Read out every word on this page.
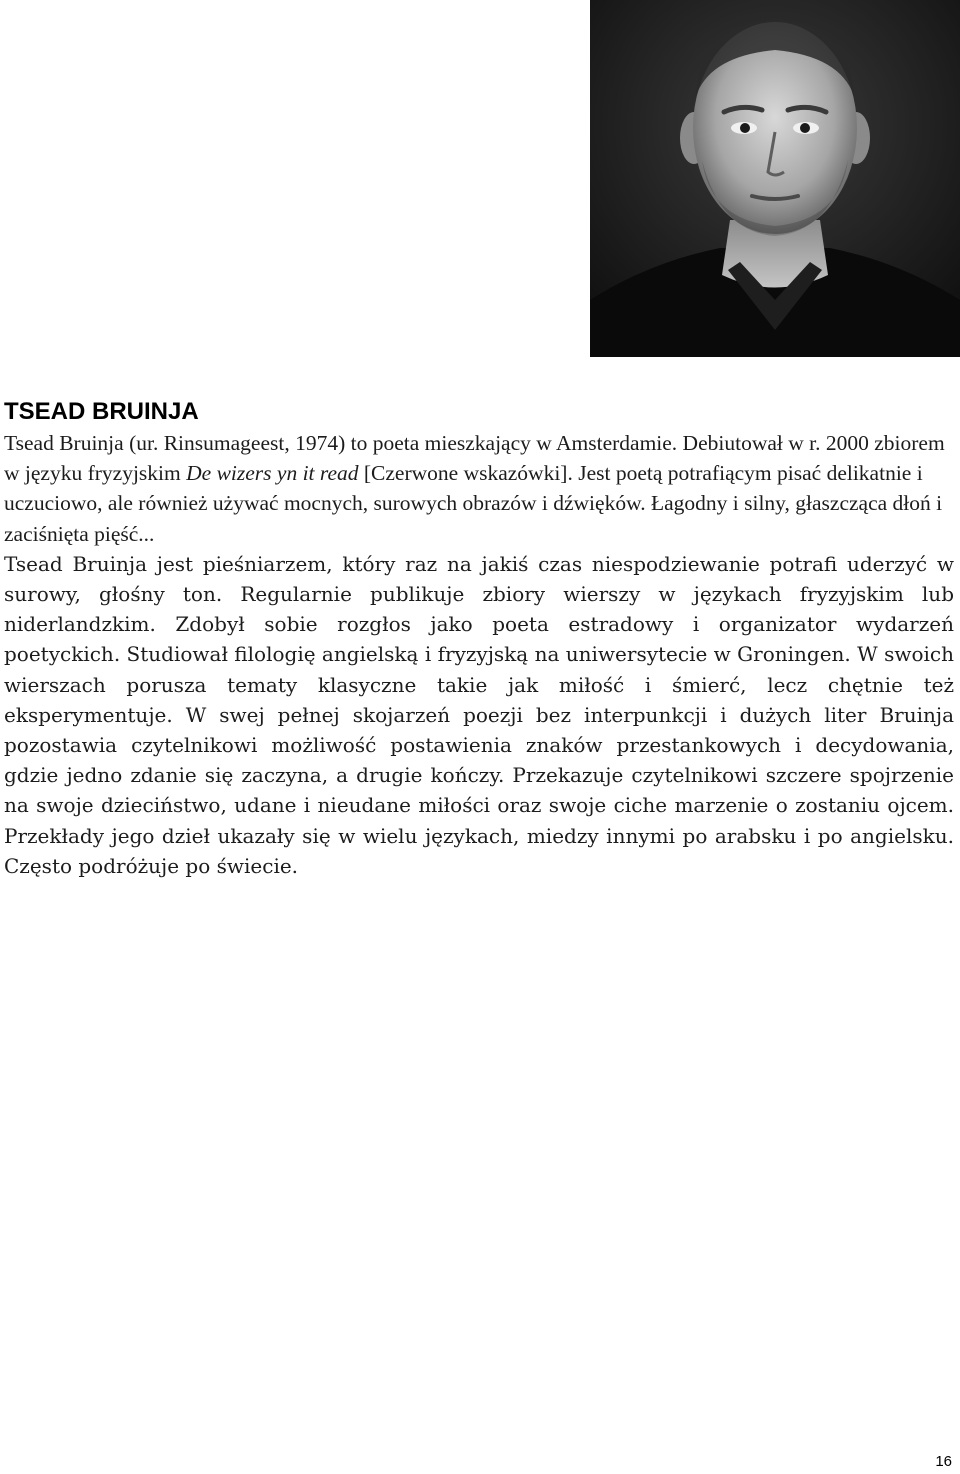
TSEAD BRUINJA

Tsead Bruinja (ur. Rinsumageest, 1974) to poeta mieszkający w Amsterdamie. Debiutował w r. 2000 zbiorem w języku fryzyjskim De wizers yn it read [Czerwone wskazówki]. Jest poetą potrafiącym pisać delikatnie i uczuciowo, ale również używać mocnych, surowych obrazów i dźwięków. Łagodny i silny, głaszcząca dłoń i zaciśnięta pięść...

Tsead Bruinja jest pieśniarzem, który raz na jakiś czas niespodziewanie potrafi uderzyć w surowy, głośny ton. Regularnie publikuje zbiory wierszy w językach fryzyjskim lub niderlandzkim. Zdobył sobie rozgłos jako poeta estradowy i organizator wydarzeń poetyckich. Studiował filologię angielską i fryzyjską na uniwersytecie w Groningen. W swoich wierszach porusza tematy klasyczne takie jak miłość i śmierć, lecz chętnie też eksperymentuje. W swej pełnej skojarzeń poezji bez interpunkcji i dużych liter Bruinja pozostawia czytelnikowi możliwość postawienia znaków przestankowych i decydowania, gdzie jedno zdanie się zaczyna, a drugie kończy. Przekazuje czytelnikowi szczere spojrzenie na swoje dzieciństwo, udane i nieudane miłości oraz swoje ciche marzenie o zostaniu ojcem. Przekłady jego dzieł ukazały się w wielu językach, miedzy innymi po arabsku i po angielsku. Często podróżuje po świecie.

16
